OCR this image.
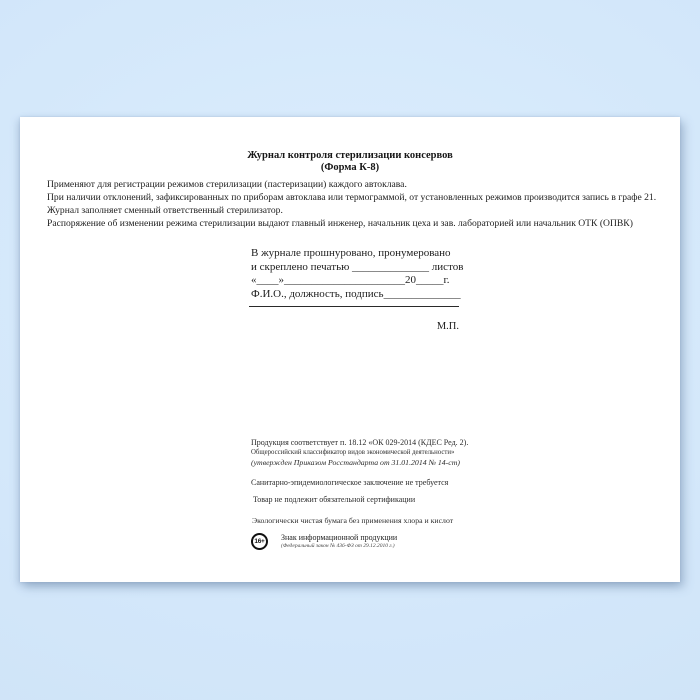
Журнал контроля стерилизации консервов
(Форма К-8)
Применяют для регистрации режимов стерилизации (пастеризации) каждого автоклава.
При наличии отклонений, зафиксированных по приборам автоклава или термограммой, от установленных режимов производится запись в графе 21.
Журнал заполняет сменный ответственный стерилизатор.
Распоряжение об изменении режима стерилизации выдают главный инженер, начальник цеха и зав. лабораторией или начальник ОТК (ОПВК)
В журнале прошнуровано, пронумеровано
и скреплено печатью ______________ листов
«____»______________________20_____г.
Ф.И.О., должность, подпись______________
М.П.
Продукция соответствует п. 18.12 «ОК 029-2014 (КДЕС Ред. 2).
Общероссийский классификатор видов экономической деятельности»
(утвержден Приказом Росстандарта от 31.01.2014 № 14-ст)
Санитарно-эпидемиологическое заключение не требуется
Товар не подлежит обязательной сертификации
Экологически чистая бумага без применения хлора и кислот
16+	Знак информационной продукции
(Федеральный закон № 436-ФЗ от 29.12.2010 г.)
